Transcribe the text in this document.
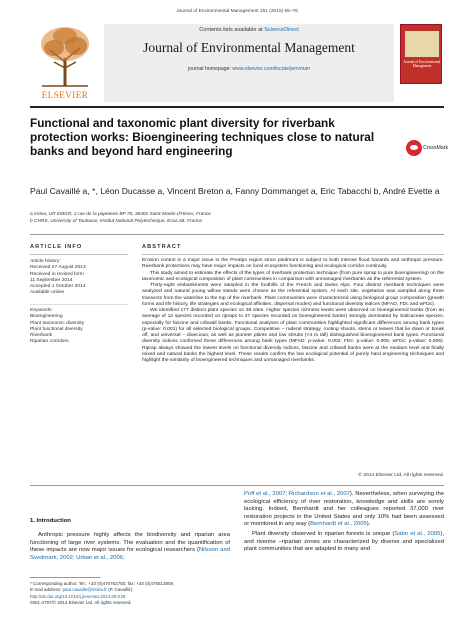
Journal of Environmental Management 151 (2015) 65–75
ELSEVIER
Contents lists available at ScienceDirect
Journal of Environmental Management
journal homepage: www.elsevier.com/locate/jenvman
Journal of Environmental Management
Functional and taxonomic plant diversity for riverbank protection works: Bioengineering techniques close to natural banks and beyond hard engineering	CrossMark
Paul Cavaillé a, *, Léon Ducasse a, Vincent Breton a, Fanny Dommanget a, Eric Tabacchi b, André Evette a
a Irstea, UR EMGR, 2 rue de la papeterie BP 76, 38402 Saint-Martin-d'Hères, France
b CNRS, University of Toulouse, Institut National Polytechnique, EcoLAB, France
ARTICLE INFO	ABSTRACT
Article history:
Received 27 August 2013
Received in revised form
11 September 2014
Accepted 1 October 2014
Available online
Keywords:
Bioengineering
Plant taxonomic diversity
Plant functional diversity
Riverbank
Riparian corridors

Erosion control is a major issue in the Prealps region since piedmont is subject to both intense flood hazards and anthropic pressure. Riverbank protections may have major impacts on local ecosystem functioning and ecological corridor continuity.

This study aimed to estimate the effects of the types of riverbank protection technique (from pure riprap to pure bioengineering) on the taxonomic and ecological composition of plant communities in comparison with unmanaged riverbanks as the referential system.

Thirty-eight embankments were sampled in the foothills of the French and Swiss Alps. Four distinct riverbank techniques were analyzed and natural young willow stands were chosen as the referential system. At each site, vegetation was sampled along three transects from the waterline to the top of the riverbank. Plant communities were characterized using biological group composition (growth forms and life history, life strategies and ecological affinities, dispersal modes) and functional diversity indices (MFAD, FDc and wFDc).

We identified 177 distinct plant species on 38 sites. Higher species richness levels were observed on bioengineered banks (from an average of 12 species recorded on ripraps to 27 species recorded on bioengineered banks) strongly dominated by Salicaceae species, especially for fascine and cribwall banks. Functional analyses of plant communities highlighted significant differences among bank types (p-value: 0.001) for all selected biological groups. Competitive – ruderal strategy, rooting shoots, stems or leaves that lie down or break off, and universal – dioecious, as well as pioneer plants and low shrubs (<4 m tall) distinguished bioengineered bank types. Functional diversity indices confirmed these differences among bank types (MFAD: p-value: 0.002; FDc: p-value: 0.005; wFDc: p-value: 0.005). Riprap always showed the lowest levels on functional diversity indices, fascine and cribwall banks were at the medium level and finally mixed and natural banks the highest level. These results confirm the low ecological potential of purely hard engineering techniques and highlight the similarity of bioengineered techniques and unmanaged riverbanks.

© 2014 Elsevier Ltd. All rights reserved.
1. Introduction
Anthropic pressure highly affects the biodiversity and riparian area functioning of large river systems. The evaluation and the quantification of these impacts are now major issues for ecological researchers (Nilsson and Svedmark, 2002; Urban et al., 2006;
* Corresponding author. Tel.: +33 (0)476762793; fax: +33 (0)476513808.
E-mail address: paul.cavaille@irstea.fr (P. Cavaillé).
http://dx.doi.org/10.1016/j.jenvman.2014.09.028
0301-4797/© 2014 Elsevier Ltd. All rights reserved.

Poff et al., 2007; Richardson et al., 2007). Nevertheless, when surveying the ecological efficiency of river restoration, knowledge and skills are sorely lacking. Indeed, Bernhardt and her colleagues reported 37,000 river restoration projects in the United States and only 10% had been assessed or monitored in any way (Bernhardt et al., 2005).

Plant diversity observed in riparian forests is unique (Sabo et al., 2005), and riverine –riparian zones are characterized by diverse and specialized plant communities that are adapted to many and
